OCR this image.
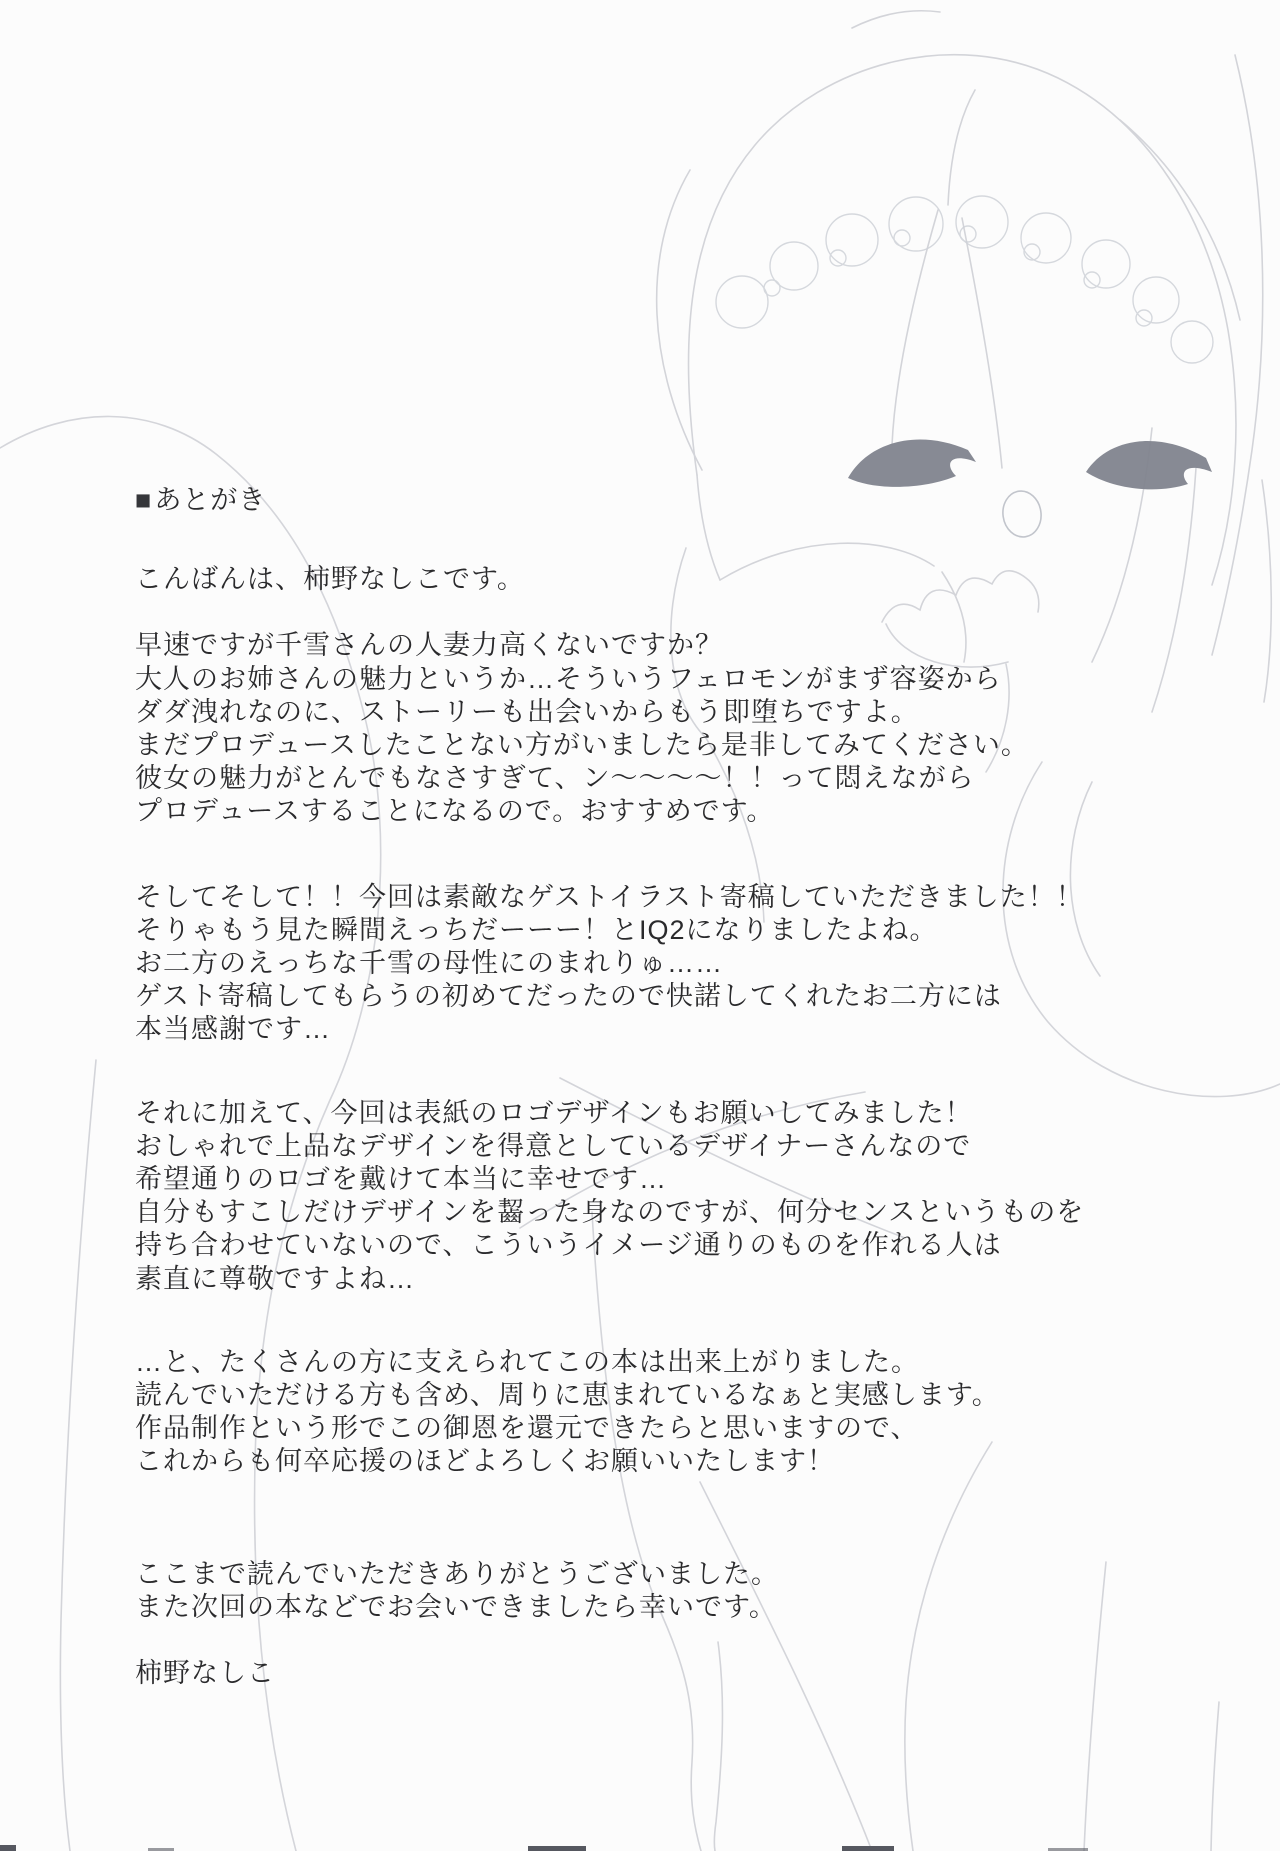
■あとがき
こんばんは、柿野なしこです。
早速ですが千雪さんの人妻力高くないですか？
大人のお姉さんの魅力というか…そういうフェロモンがまず容姿から
ダダ洩れなのに、ストーリーも出会いからもう即堕ちですよ。
まだプロデュースしたことない方がいましたら是非してみてください。
彼女の魅力がとんでもなさすぎて、ン〜〜〜〜！！って悶えながら
プロデュースすることになるので。おすすめです。
そしてそして！！今回は素敵なゲストイラスト寄稿していただきました！！
そりゃもう見た瞬間えっちだーーー！とIQ2になりましたよね。
お二方のえっちな千雪の母性にのまれりゅ……
ゲスト寄稿してもらうの初めてだったので快諾してくれたお二方には
本当感謝です…
それに加えて、今回は表紙のロゴデザインもお願いしてみました！
おしゃれで上品なデザインを得意としているデザイナーさんなので
希望通りのロゴを戴けて本当に幸せです…
自分もすこしだけデザインを齧った身なのですが、何分センスというものを
持ち合わせていないので、こういうイメージ通りのものを作れる人は
素直に尊敬ですよね…
…と、たくさんの方に支えられてこの本は出来上がりました。
読んでいただける方も含め、周りに恵まれているなぁと実感します。
作品制作という形でこの御恩を還元できたらと思いますので、
これからも何卒応援のほどよろしくお願いいたします！
ここまで読んでいただきありがとうございました。
また次回の本などでお会いできましたら幸いです。
柿野なしこ
